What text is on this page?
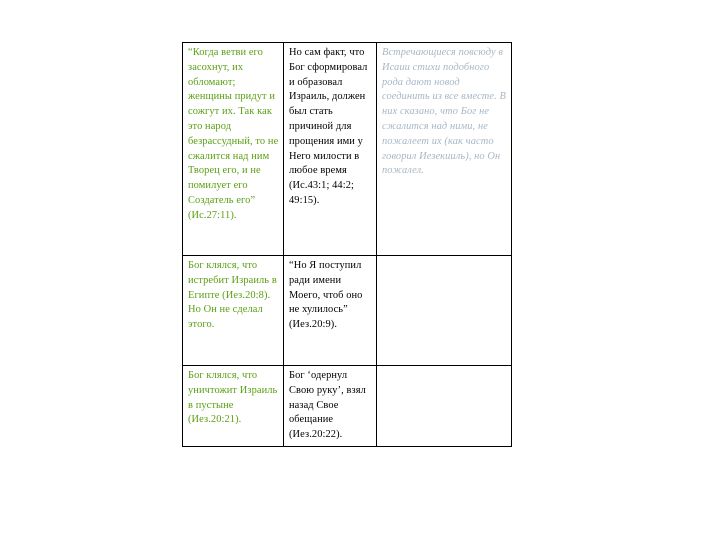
“Когда ветви его засохнут, их обломают; женщины придут и сожгут их. Так как это народ безрассудный, то не сжалится над ним Творец его, и не помилует его Создатель его” (Ис.27:11).	Но сам факт, что Бог сформировал и образовал Израиль, должен был стать причиной для прощения ими у Него милости в любое время (Ис.43:1; 44:2; 49:15).	Встречающиеся повсюду в Исаии стихи подобного рода дают новод соединить из все вместе. В них сказано, что Бог не сжалится над ними, не пожалеет их (как часто говорил Иезекииль), но Он пожалел.
Бог клялся, что истребит Израиль в Египте (Иез.20:8). Но Он не сделал этого.	“Но Я поступил ради имени Моего, чтоб оно не хулилось” (Иез.20:9).	
Бог клялся, что уничтожит Израиль в пустыне (Иез.20:21).	Бог ‘одернул Свою руку’, взял назад Свое обещание (Иез.20:22).	
